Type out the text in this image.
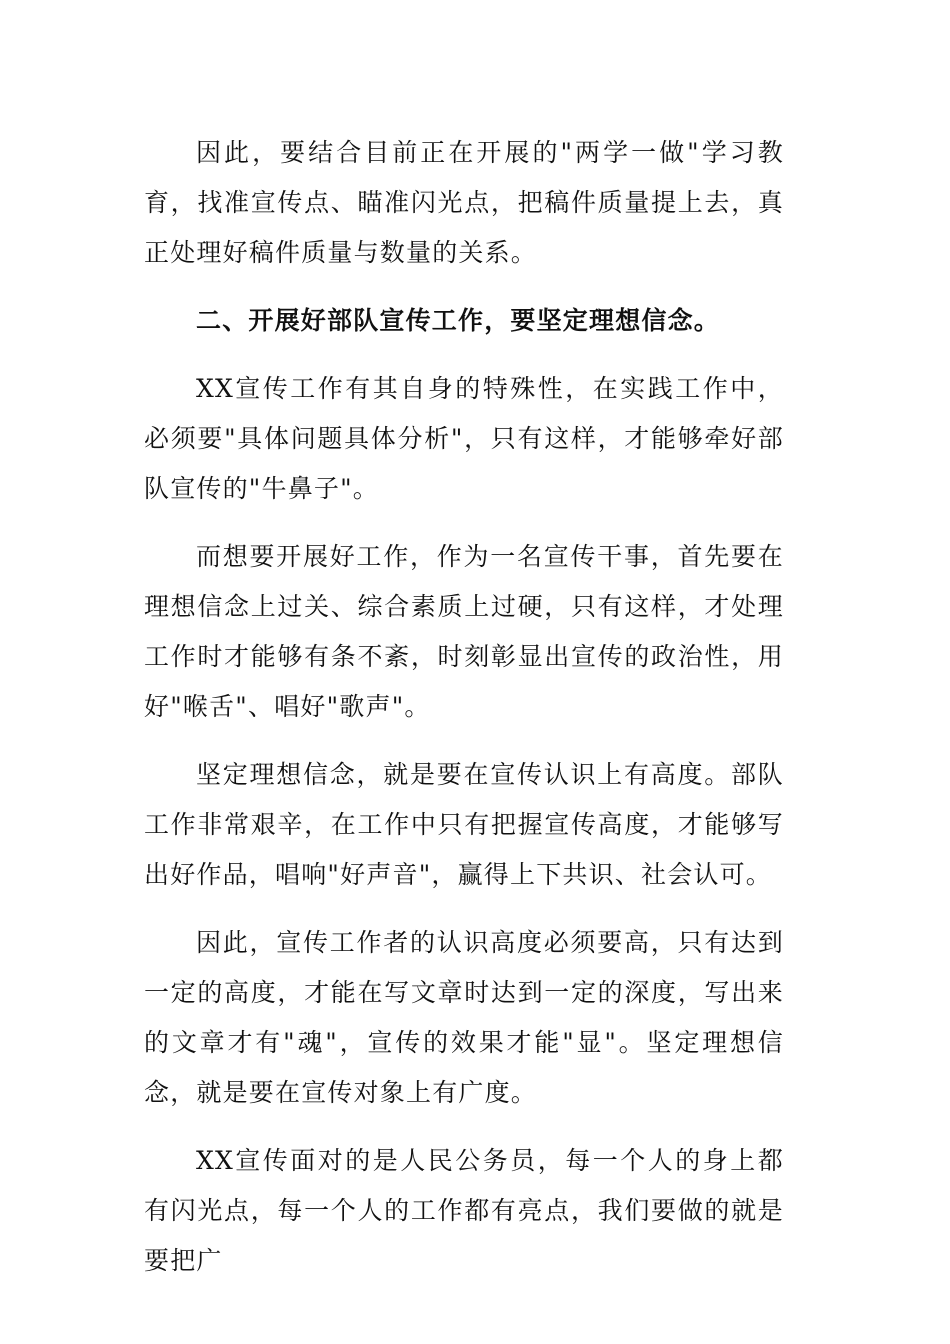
因此，要结合目前正在开展的"两学一做"学习教育，找准宣传点、瞄准闪光点，把稿件质量提上去，真正处理好稿件质量与数量的关系。

二、开展好部队宣传工作，要坚定理想信念。

XX宣传工作有其自身的特殊性，在实践工作中，必须要"具体问题具体分析"，只有这样，才能够牵好部队宣传的"牛鼻子"。

而想要开展好工作，作为一名宣传干事，首先要在理想信念上过关、综合素质上过硬，只有这样，才处理工作时才能够有条不紊，时刻彰显出宣传的政治性，用好"喉舌"、唱好"歌声"。

坚定理想信念，就是要在宣传认识上有高度。部队工作非常艰辛，在工作中只有把握宣传高度，才能够写出好作品，唱响"好声音"，赢得上下共识、社会认可。

因此，宣传工作者的认识高度必须要高，只有达到一定的高度，才能在写文章时达到一定的深度，写出来的文章才有"魂"，宣传的效果才能"显"。坚定理想信念，就是要在宣传对象上有广度。

XX宣传面对的是人民公务员，每一个人的身上都有闪光点，每一个人的工作都有亮点，我们要做的就是要把广
